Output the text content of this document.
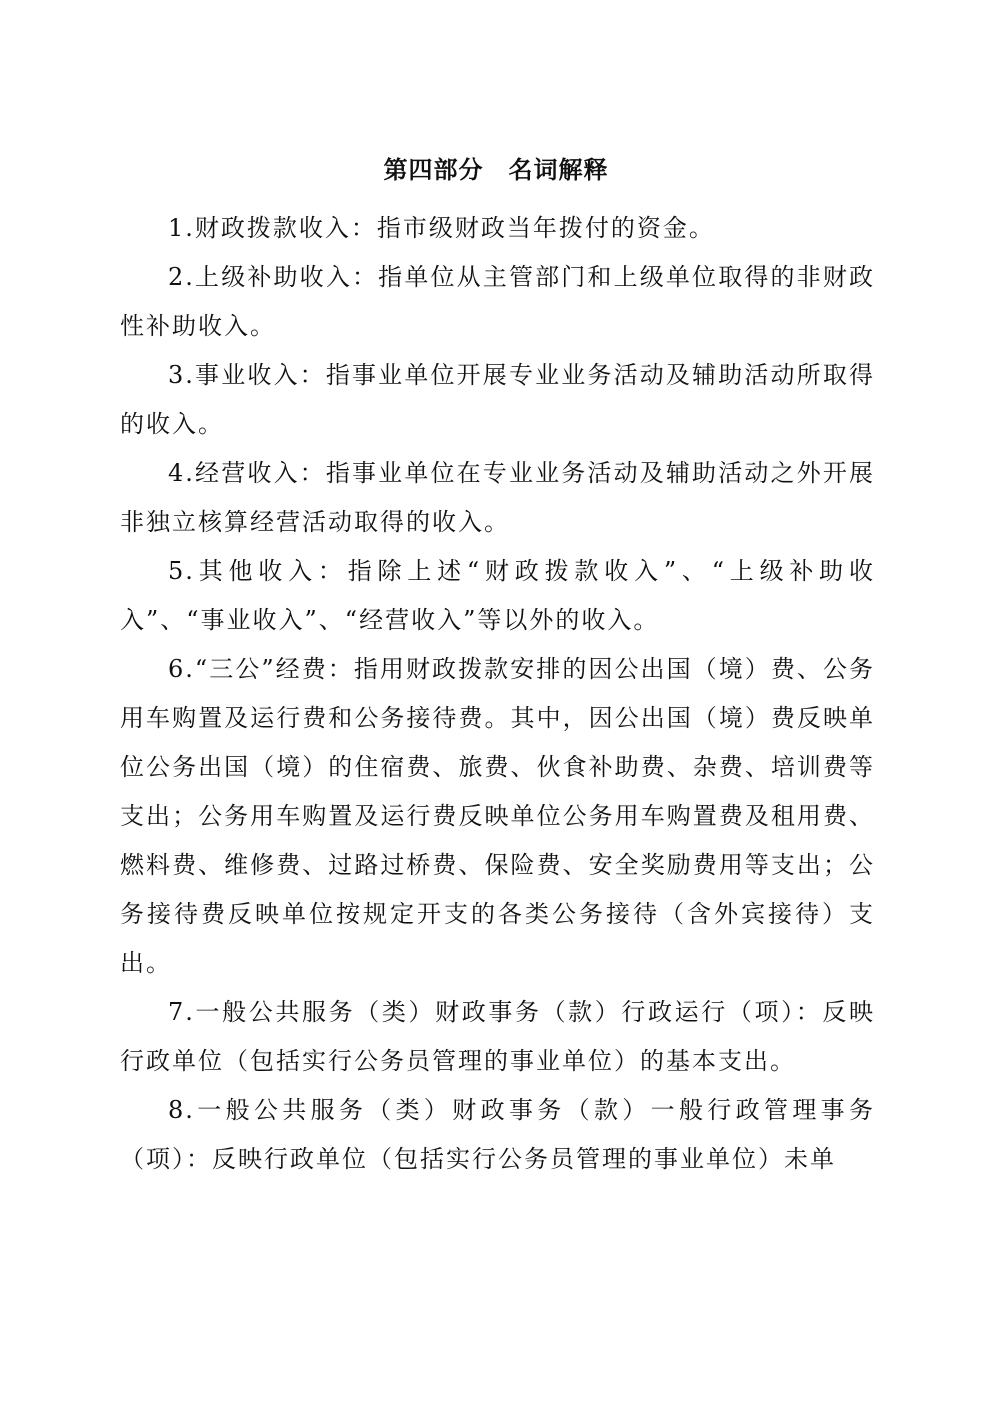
第四部分　名词解释

1.财政拨款收入：指市级财政当年拨付的资金。

2.上级补助收入：指单位从主管部门和上级单位取得的非财政性补助收入。

3.事业收入：指事业单位开展专业业务活动及辅助活动所取得的收入。

4.经营收入：指事业单位在专业业务活动及辅助活动之外开展非独立核算经营活动取得的收入。

5.其他收入：指除上述“财政拨款收入”、“上级补助收入”、“事业收入”、“经营收入”等以外的收入。

6.“三公”经费：指用财政拨款安排的因公出国（境）费、公务用车购置及运行费和公务接待费。其中，因公出国（境）费反映单位公务出国（境）的住宿费、旅费、伙食补助费、杂费、培训费等支出；公务用车购置及运行费反映单位公务用车购置费及租用费、燃料费、维修费、过路过桥费、保险费、安全奖励费用等支出；公务接待费反映单位按规定开支的各类公务接待（含外宾接待）支出。

7.一般公共服务（类）财政事务（款）行政运行（项）：反映行政单位（包括实行公务员管理的事业单位）的基本支出。

8.一般公共服务（类）财政事务（款）一般行政管理事务（项）：反映行政单位（包括实行公务员管理的事业单位）未单
